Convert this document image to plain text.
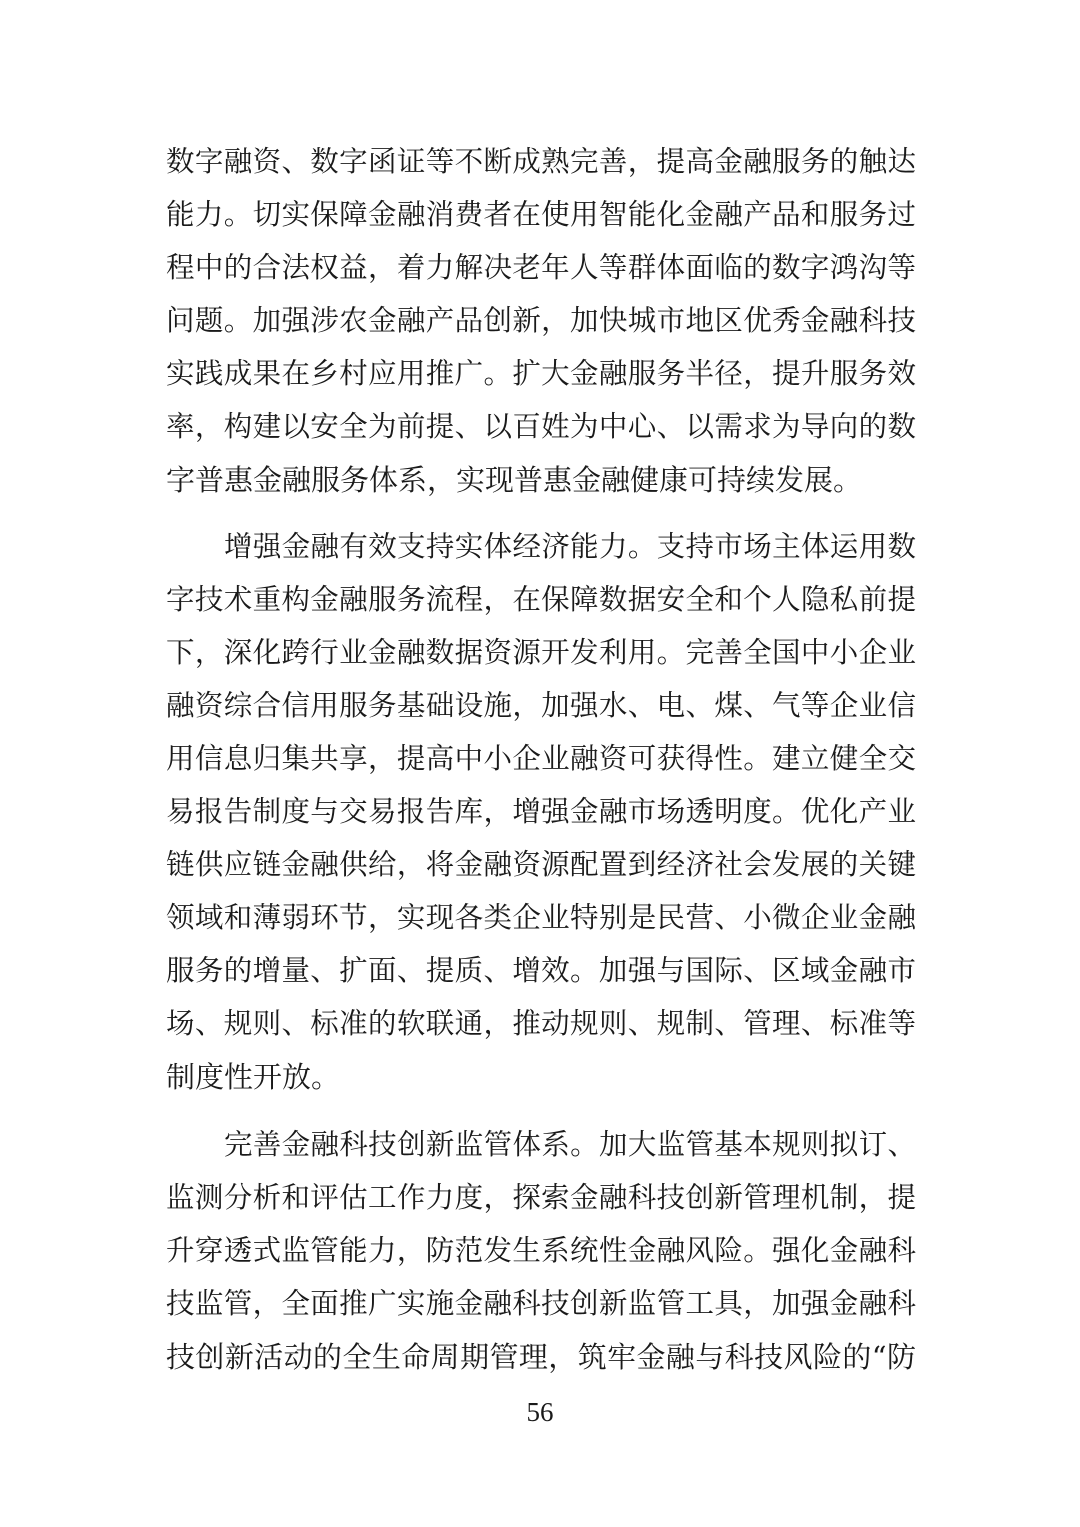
数字融资、数字函证等不断成熟完善，提高金融服务的触达
能力。切实保障金融消费者在使用智能化金融产品和服务过
程中的合法权益，着力解决老年人等群体面临的数字鸿沟等
问题。加强涉农金融产品创新，加快城市地区优秀金融科技
实践成果在乡村应用推广。扩大金融服务半径，提升服务效
率，构建以安全为前提、以百姓为中心、以需求为导向的数
字普惠金融服务体系，实现普惠金融健康可持续发展。
增强金融有效支持实体经济能力。支持市场主体运用数
字技术重构金融服务流程，在保障数据安全和个人隐私前提
下，深化跨行业金融数据资源开发利用。完善全国中小企业
融资综合信用服务基础设施，加强水、电、煤、气等企业信
用信息归集共享，提高中小企业融资可获得性。建立健全交
易报告制度与交易报告库，增强金融市场透明度。优化产业
链供应链金融供给，将金融资源配置到经济社会发展的关键
领域和薄弱环节，实现各类企业特别是民营、小微企业金融
服务的增量、扩面、提质、增效。加强与国际、区域金融市
场、规则、标准的软联通，推动规则、规制、管理、标准等
制度性开放。
完善金融科技创新监管体系。加大监管基本规则拟订、
监测分析和评估工作力度，探索金融科技创新管理机制，提
升穿透式监管能力，防范发生系统性金融风险。强化金融科
技监管，全面推广实施金融科技创新监管工具，加强金融科
技创新活动的全生命周期管理，筑牢金融与科技风险的“防
56
